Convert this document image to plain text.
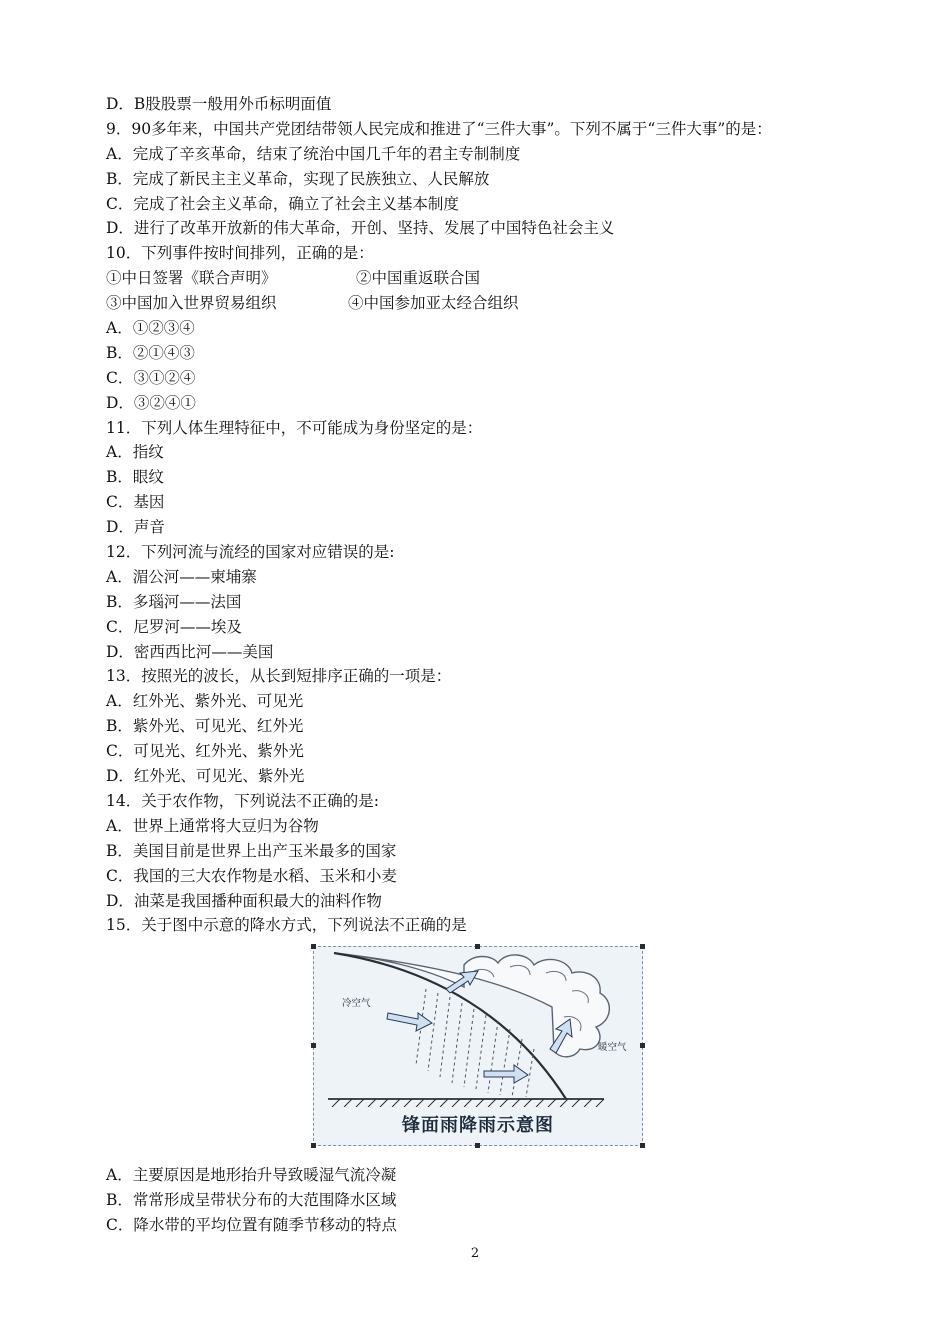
D．B股股票一般用外币标明面值
9．90多年来，中国共产党团结带领人民完成和推进了“三件大事”。下列不属于“三件大事”的是：
A．完成了辛亥革命，结束了统治中国几千年的君主专制制度
B．完成了新民主主义革命，实现了民族独立、人民解放
C．完成了社会主义革命，确立了社会主义基本制度
D．进行了改革开放新的伟大革命，开创、坚持、发展了中国特色社会主义
10．下列事件按时间排列，正确的是：
①中日签署《联合声明》	②中国重返联合国
③中国加入世界贸易组织	④中国参加亚太经合组织
A．①②③④
B．②①④③
C．③①②④
D．③②④①
11．下列人体生理特征中，不可能成为身份坚定的是：
A．指纹
B．眼纹
C．基因
D．声音
12．下列河流与流经的国家对应错误的是:
A．湄公河——柬埔寨
B．多瑙河——法国
C．尼罗河——埃及
D．密西西比河——美国
13．按照光的波长，从长到短排序正确的一项是：
A．红外光、紫外光、可见光
B．紫外光、可见光、红外光
C．可见光、红外光、紫外光
D．红外光、可见光、紫外光
14．关于农作物，下列说法不正确的是:
A．世界上通常将大豆归为谷物
B．美国目前是世界上出产玉米最多的国家
C．我国的三大农作物是水稻、玉米和小麦
D．油菜是我国播种面积最大的油料作物
15．关于图中示意的降水方式，下列说法不正确的是
冷空气
暖空气
锋面雨降雨示意图
A．主要原因是地形抬升导致暖湿气流冷凝
B．常常形成呈带状分布的大范围降水区域
C．降水带的平均位置有随季节移动的特点
2
